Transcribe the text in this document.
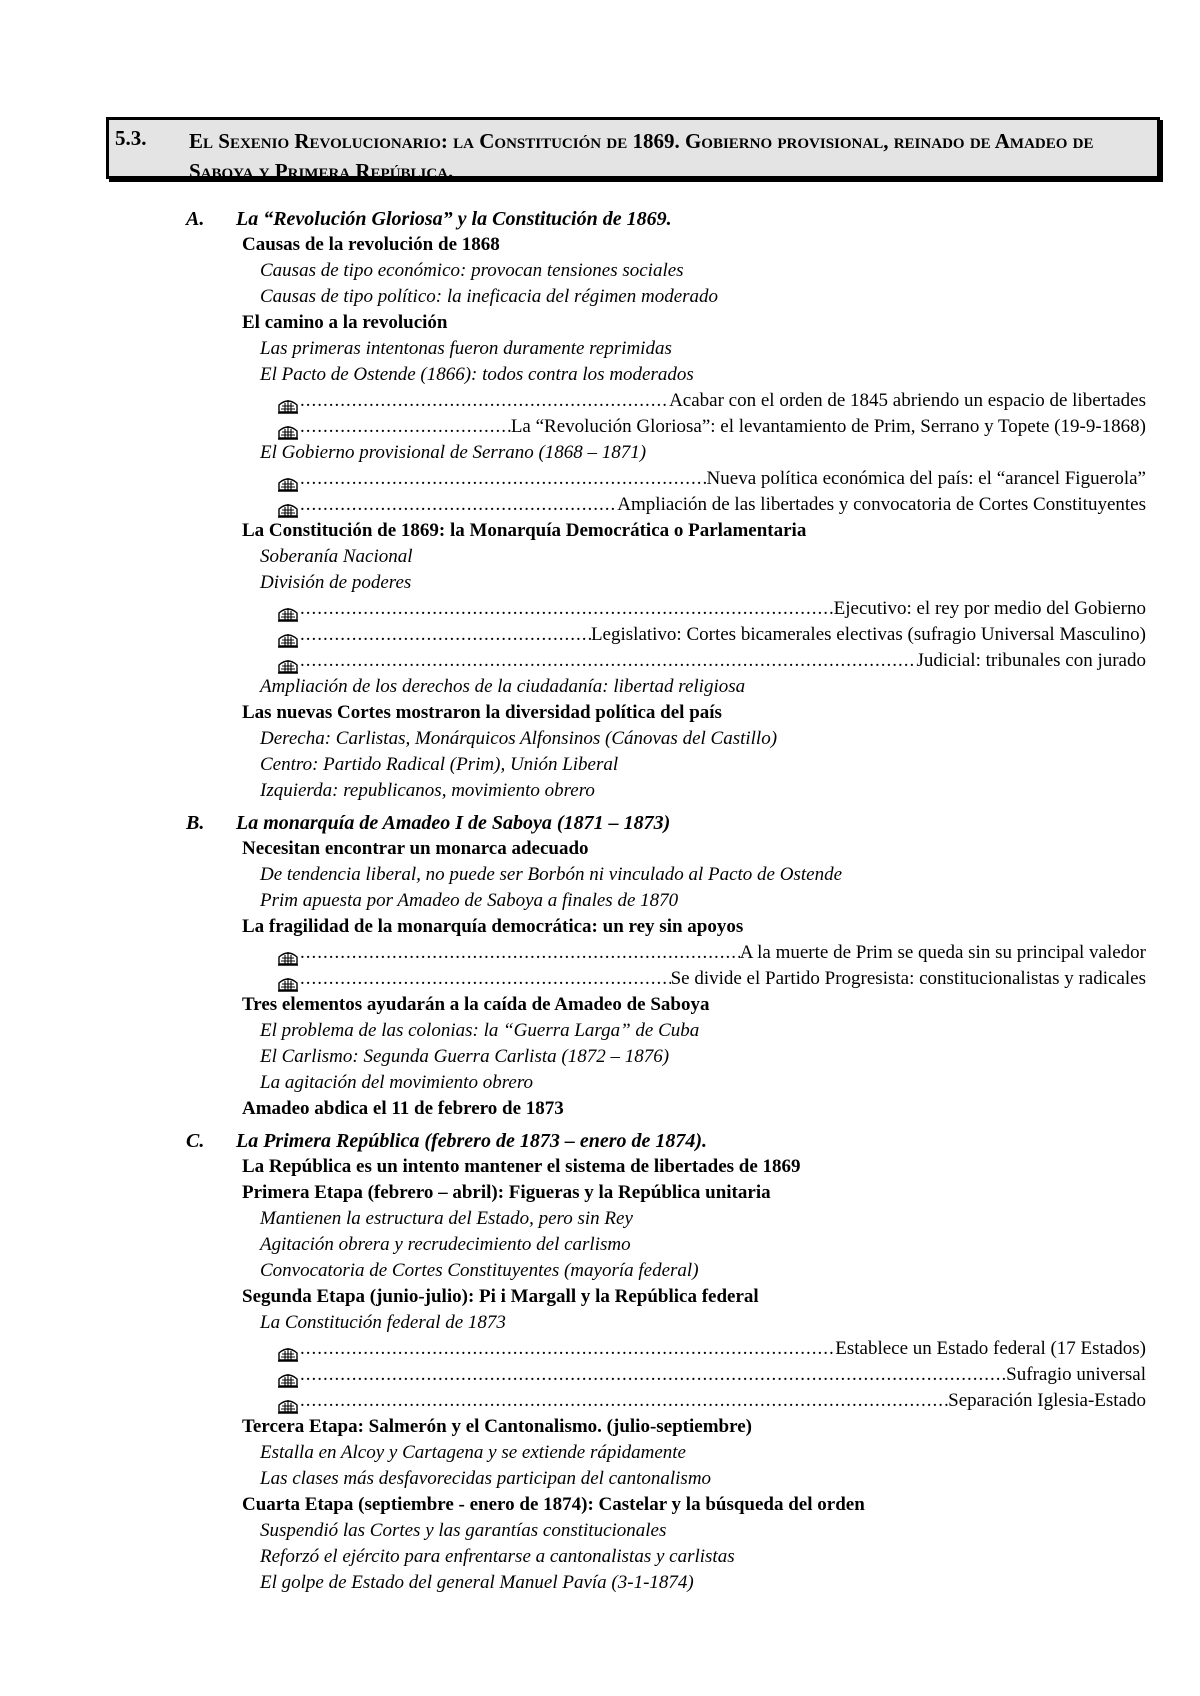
5.3. El Sexenio Revolucionario: la Constitución de 1869. Gobierno provisional, reinado de Amadeo de Saboya y Primera República.
A. La “Revolución Gloriosa” y la Constitución de 1869.
Causas de la revolución de 1868
Causas de tipo económico: provocan tensiones sociales
Causas de tipo político: la ineficacia del régimen moderado
El camino a la revolución
Las primeras intentonas fueron duramente reprimidas
El Pacto de Ostende (1866): todos contra los moderados
.....
Acabar con el orden de 1845 abriendo un espacio de libertades
.....
La “Revolución Gloriosa”: el levantamiento de Prim, Serrano y Topete (19-9-1868)
El Gobierno provisional de Serrano (1868 – 1871)
.....
Nueva política económica del país: el “arancel Figuerola”
.....
Ampliación de las libertades y convocatoria de Cortes Constituyentes
La Constitución de 1869: la Monarquía Democrática o Parlamentaria
Soberanía Nacional
División de poderes
.....
Ejecutivo: el rey por medio del Gobierno
.....
Legislativo: Cortes bicamerales electivas (sufragio Universal Masculino)
.....
Judicial: tribunales con jurado
Ampliación de los derechos de la ciudadanía: libertad religiosa
Las nuevas Cortes mostraron la diversidad política del país
Derecha: Carlistas, Monárquicos Alfonsinos (Cánovas del Castillo)
Centro: Partido Radical (Prim), Unión Liberal
Izquierda: republicanos, movimiento obrero
B. La monarquía de Amadeo I de Saboya (1871 – 1873)
Necesitan encontrar un monarca adecuado
De tendencia liberal, no puede ser Borbón ni vinculado al Pacto de Ostende
Prim apuesta por Amadeo de Saboya a finales de 1870
La fragilidad de la monarquía democrática: un rey sin apoyos
.....
A la muerte de Prim se queda sin su principal valedor
.....
Se divide el Partido Progresista: constitucionalistas y radicales
Tres elementos ayudarán a la caída de Amadeo de Saboya
El problema de las colonias: la “Guerra Larga” de Cuba
El Carlismo: Segunda Guerra Carlista (1872 – 1876)
La agitación del movimiento obrero
Amadeo abdica el 11 de febrero de 1873
C. La Primera República (febrero de 1873 – enero de 1874).
La República es un intento mantener el sistema de libertades de 1869
Primera Etapa (febrero – abril): Figueras y la República unitaria
Mantienen la estructura del Estado, pero sin Rey
Agitación obrera y recrudecimiento del carlismo
Convocatoria de Cortes Constituyentes (mayoría federal)
Segunda Etapa (junio-julio): Pi i Margall y la República federal
La Constitución federal de 1873
.....
Establece un Estado federal (17 Estados)
.....
Sufragio universal
.....
Separación Iglesia-Estado
Tercera Etapa: Salmerón y el Cantonalismo. (julio-septiembre)
Estalla en Alcoy y Cartagena y se extiende rápidamente
Las clases más desfavorecidas participan del cantonalismo
Cuarta Etapa (septiembre - enero de 1874): Castelar y la búsqueda del orden
Suspendió las Cortes y las garantías constitucionales
Reforzó el ejército para enfrentarse a cantonalistas y carlistas
El golpe de Estado del general Manuel Pavía (3-1-1874)
